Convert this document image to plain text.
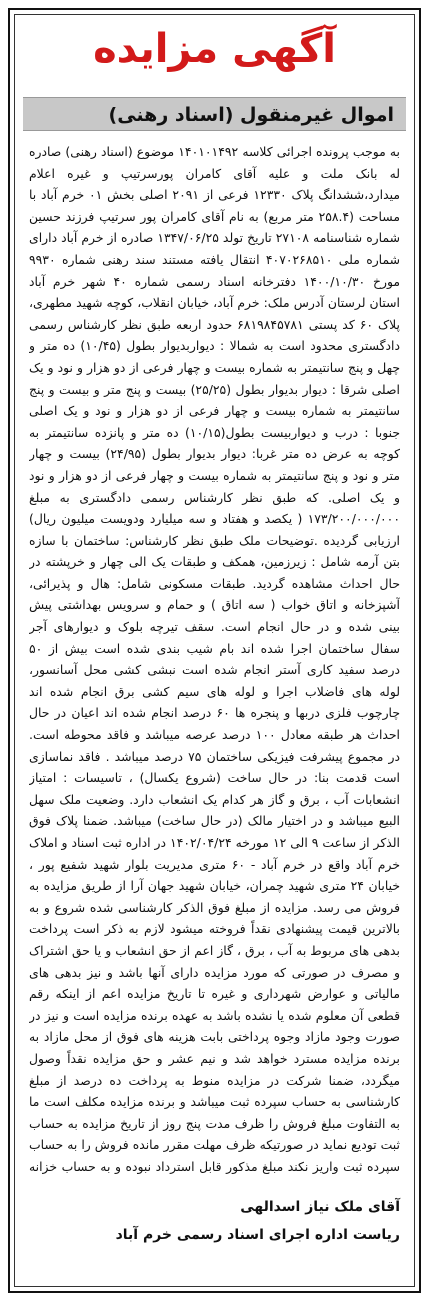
آگهی مزایده
اموال غیرمنقول (اسناد رهنی)
به موجب پرونده اجرائی کلاسه ۱۴۰۱۰۱۴۹۲ موضوع (اسناد رهنی) صادره له بانک ملت و علیه آقای کامران پورسرتیپ و غیره اعلام میدارد،ششدانگ پلاک ۱۲۳۳۰ فرعی از ۲۰۹۱ اصلی بخش ۰۱ خرم آباد با مساحت (۲۵۸.۴ متر مربع) به نام آقای کامران پور سرتیپ فرزند حسین شماره شناسنامه ۲۷۱۰۸ تاریخ تولد ۱۳۴۷/۰۶/۲۵ صادره از خرم آباد دارای شماره ملی ۴۰۷۰۲۶۸۵۱۰ انتقال یافته مستند سند رهنی شماره ۹۹۳۰ مورخ ۱۴۰۰/۱۰/۳۰ دفترخانه اسناد رسمی شماره ۴۰ شهر خرم آباد استان لرستان آدرس ملک: خرم آباد، خیابان انقلاب، کوچه شهید مطهری، پلاک ۶۰ کد پستی ۶۸۱۹۸۴۵۷۸۱ حدود اربعه طبق نظر کارشناس رسمی دادگستری محدود است به شمالا : دیواربدیوار بطول (۱۰/۴۵) ده متر و چهل و پنج سانتیمتر به شماره بیست و چهار فرعی از دو هزار و نود و یک اصلی شرقا : دیوار بدیوار بطول (۲۵/۲۵) بیست و پنج متر و بیست و پنج سانتیمتر به شماره بیست و چهار فرعی از دو هزار و نود و یک اصلی جنوبا : درب و دیواربیست بطول(۱۰/۱۵) ده متر و پانزده سانتیمتر به کوچه به عرض ده متر غربا: دیوار بدیوار بطول (۲۴/۹۵) بیست و چهار متر و نود و پنج سانتیمتر به شماره بیست و چهار فرعی از دو هزار و نود و یک اصلی. که طبق نظر کارشناس رسمی دادگستری به مبلغ ۱۷۳/۲۰۰/۰۰۰/۰۰۰ ( یکصد و هفتاد و سه میلیارد ودویست میلیون ریال) ارزیابی گردیده .توضیحات ملک طبق نظر کارشناس: ساختمان با سازه بتن آرمه شامل : زیرزمین، همکف و طبقات یک الی چهار و خرپشته در حال احداث مشاهده گردید. طبقات مسکونی شامل: هال و پذیرائی، آشپزخانه و اتاق خواب ( سه اتاق ) و حمام و سرویس بهداشتی پیش بینی شده و در حال انجام است. سقف تیرچه بلوک و دیوارهای آجر سفال ساختمان اجرا شده اند بام شیب بندی شده است بیش از ۵۰ درصد سفید کاری آستر انجام شده است نبشی کشی محل آسانسور، لوله های فاضلاب اجرا و لوله های سیم کشی برق انجام شده اند چارچوب فلزی دربها و پنجره ها ۶۰ درصد انجام شده اند اعیان در حال احداث هر طبقه معادل ۱۰۰ درصد عرصه میباشد و فاقد محوطه است. در مجموع پیشرفت فیزیکی ساختمان ۷۵ درصد میباشد . فاقد نماسازی است قدمت بنا: در حال ساخت (شروع یکسال) ، تاسیسات : امتیاز انشعابات آب ، برق و گاز هر کدام یک انشعاب دارد. وضعیت ملک سهل البیع میباشد و در اختیار مالک (در حال ساخت) میباشد. ضمنا پلاک فوق الذکر از ساعت ۹ الی ۱۲ مورخه ۱۴۰۲/۰۴/۲۴ در اداره ثبت اسناد و املاک خرم آباد واقع در خرم آباد - ۶۰ متری مدیریت بلوار شهید شفیع پور ، خیابان ۲۴ متری شهید چمران، خیابان شهید جهان آرا از طریق مزایده به فروش می رسد. مزایده از مبلغ فوق الذکر کارشناسی شده شروع و به بالاترین قیمت پیشنهادی نقداً فروخته میشود لازم به ذکر است پرداخت بدهی های مربوط به آب ، برق ، گاز اعم از حق انشعاب و یا حق اشتراک و مصرف در صورتی که مورد مزایده دارای آنها باشد و نیز بدهی های مالیاتی و عوارض شهرداری و غیره تا تاریخ مزایده اعم از اینکه رقم قطعی آن معلوم شده یا نشده باشد به عهده برنده مزایده است و نیز در صورت وجود مازاد وجوه پرداختی بابت هزینه های فوق از محل مازاد به برنده مزایده مسترد خواهد شد و نیم عشر و حق مزایده نقداً وصول میگردد، ضمنا شرکت در مزایده منوط به پرداخت ده درصد از مبلغ کارشناسی به حساب سپرده ثبت میباشد و برنده مزایده مکلف است ما به التفاوت مبلغ فروش را ظرف مدت پنج روز از تاریخ مزایده به حساب ثبت تودیع نماید در صورتیکه ظرف مهلت مقرر مانده فروش را به حساب سپرده ثبت واریز نکند مبلغ مذکور قابل استرداد نبوده و به حساب خزانه
آقای ملک نیاز اسدالهی
ریاست اداره اجرای اسناد رسمی خرم آباد
